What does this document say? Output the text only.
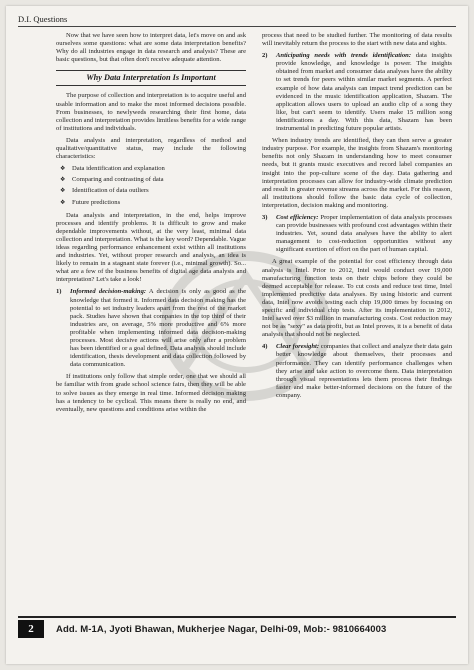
D.I. Questions

Now that we have seen how to interpret data, let's move on and ask ourselves some questions: what are some data interpretation benefits? Why do all industries engage in data research and analysis? These are basic questions, but that often don't receive adequate attention.

Why Data Interpretation Is Important

The purpose of collection and interpretation is to acquire useful and usable information and to make the most informed decisions possible. From businesses, to newlyweds researching their first home, data collection and interpretation provides limitless benefits for a wide range of institutions and individuals.

Data analysis and interpretation, regardless of method and qualitative/quantitative status, may include the following characteristics:

❖ Data identification and explanation
❖ Comparing and contrasting of data
❖ Identification of data outliers
❖ Future predictions

Data analysis and interpretation, in the end, helps improve processes and identify problems. It is difficult to grow and make dependable improvements without, at the very least, minimal data collection and interpretation. What is the key word? Dependable. Vague ideas regarding performance enhancement exist within all institutions and industries. Yet, without proper research and analysis, an idea is likely to remain in a stagnant state forever (i.e., minimal growth). So... what are a few of the business benefits of digital age data analysis and interpretation? Let's take a look!

1)	Informed decision-making: A decision is only as good as the knowledge that formed it. Informed data decision making has the potential to set industry leaders apart from the rest of the market pack. Studies have shown that companies in the top third of their industries are, on average, 5% more productive and 6% more profitable when implementing informed data decision-making processes. Most decisive actions will arise only after a problem has been identified or a goal defined. Data analysis should include identification, thesis development and data collection followed by data communication.

If institutions only follow that simple order, one that we should all be familiar with from grade school science fairs, then they will be able to solve issues as they emerge in real time. Informed decision making has a tendency to be cyclical. This means there is really no end, and eventually, new questions and conditions arise within the

process that need to be studied further. The monitoring of data results will inevitably return the process to the start with new data and sights.

2)	Anticipating needs with trends identification: data insights provide knowledge, and knowledge is power. The insights obtained from market and consumer data analyses have the ability to set trends for peers within similar market segments. A perfect example of how data analysis can impact trend prediction can be evidenced in the music identification application, Shazam. The application allows users to upload an audio clip of a song they like, but can't seem to identify. Users make 15 million song identifications a day. With this data, Shazam has been instrumental in predicting future popular artists.

When industry trends are identified, they can then serve a greater industry purpose. For example, the insights from Shazam's monitoring benefits not only Shazam in understanding how to meet consumer needs, but it grants music executives and record label companies an insight into the pop-culture scene of the day. Data gathering and interpretation processes can allow for industry-wide climate prediction and result in greater revenue streams across the market. For this reason, all institutions should follow the basic data cycle of collection, interpretation, decision making and monitoring.

3)	Cost efficiency: Proper implementation of data analysis processes can provide businesses with profound cost advantages within their industries. Yet, sound data analyses have the ability to alert management to cost-reduction opportunities without any significant exertion of effort on the part of human capital.

A great example of the potential for cost efficiency through data analysis is Intel. Prior to 2012, Intel would conduct over 19,000 manufacturing function tests on their chips before they could be deemed acceptable for release. To cut costs and reduce test time, Intel implemented predictive data analyses. By using historic and current data, Intel now avoids testing each chip 19,000 times by focusing on specific and individual chip tests. After its implementation in 2012, Intel saved over $3 million in manufacturing costs. Cost reduction may not be as "sexy" as data profit, but as Intel proves, it is a benefit of data analysis that should not be neglected.

4)	Clear foresight: companies that collect and analyze their data gain better knowledge about themselves, their processes and performance. They can identify performance challenges when they arise and take action to overcome them. Data interpretation through visual representations lets them process their findings faster and make better-informed decisions on the future of the company.
2	Add. M-1A, Jyoti Bhawan, Mukherjee Nagar, Delhi-09, Mob:- 9810664003
